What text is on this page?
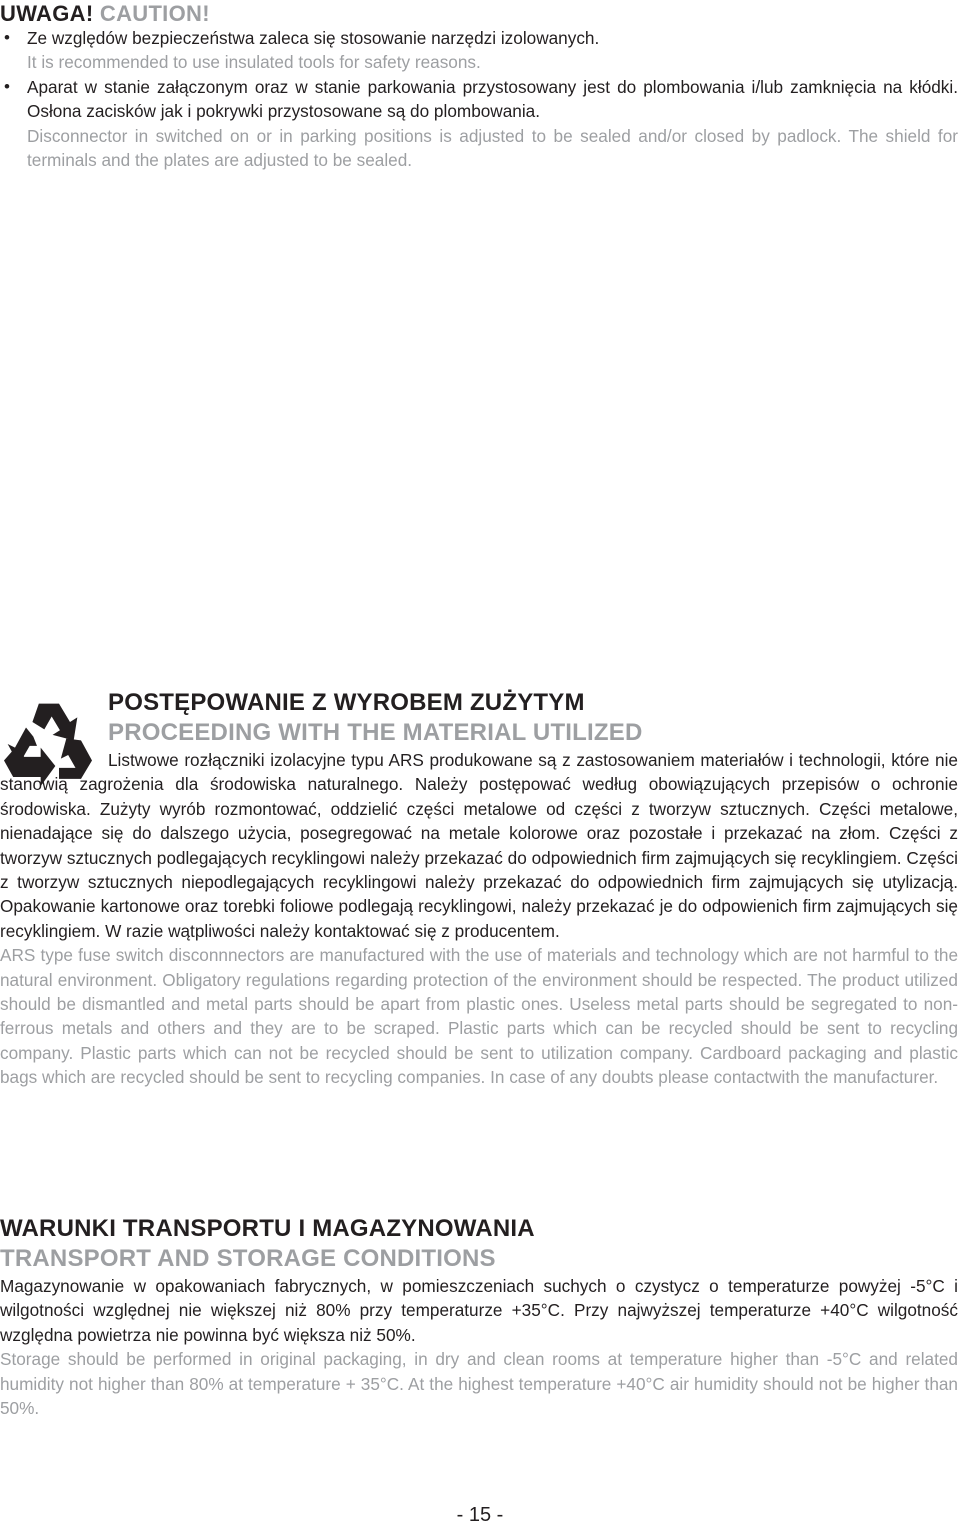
UWAGA! CAUTION!
• Ze względów bezpieczeństwa zaleca się stosowanie narzędzi izolowanych.
It is recommended to use insulated tools for safety reasons.
• Aparat w stanie załączonym oraz w stanie parkowania przystosowany jest do plombowania i/lub zamknięcia na kłódki. Osłona zacisków jak i pokrywki przystosowane są do plombowania.
Disconnector in switched on or in parking positions is adjusted to be sealed and/or closed by padlock. The shield for terminals and the plates are adjusted to be sealed.
POSTĘPOWANIE Z WYROBEM ZUŻYTYM
PROCEEDING WITH THE MATERIAL UTILIZED
Listwowe rozłączniki izolacyjne typu ARS produkowane są z zastosowaniem materiałów i technologii, które nie stanowią zagrożenia dla środowiska naturalnego. Należy postępować według obowiązujących przepisów o ochronie środowiska. Zużyty wyrób rozmontować, oddzielić części metalowe od części z tworzyw sztucznych. Części metalowe, nienadające się do dalszego użycia, posegregować na metale kolorowe oraz pozostałe i przekazać na złom. Części z tworzyw sztucznych podlegających recyklingowi należy przekazać do odpowiednich firm zajmujących się recyklingiem. Części z tworzyw sztucznych niepodlegających recyklingowi należy przekazać do odpowiednich firm zajmujących się utylizacją. Opakowanie kartonowe oraz torebki foliowe podlegają recyklingowi, należy przekazać je do odpowienich firm zajmujących się recyklingiem. W razie wątpliwości należy kontaktować się z producentem.
ARS type fuse switch disconnnectors are manufactured with the use of materials and technology which are not harmful to the natural environment. Obligatory regulations regarding protection of the environment should be respected. The product utilized should be dismantled and metal parts should be apart from plastic ones. Useless metal parts should be segregated to non- ferrous metals and others and they are to be scraped. Plastic parts which can be recycled should be sent to recycling company. Plastic parts which can not be recycled should be sent to utilization company. Cardboard packaging and plastic bags which are recycled should be sent to recycling companies. In case of any doubts please contactwith the manufacturer.
WARUNKI TRANSPORTU I MAGAZYNOWANIA
TRANSPORT AND STORAGE CONDITIONS
Magazynowanie w opakowaniach fabrycznych, w pomieszczeniach suchych o czystycz o temperaturze powyżej -5°C i wilgotności względnej nie większej niż 80% przy temperaturze +35°C. Przy najwyższej temperaturze +40°C wilgotność względna powietrza nie powinna być większa niż 50%.
Storage should be performed in original packaging, in dry and clean rooms at temperature higher than -5°C and related humidity not higher than 80% at temperature + 35°C. At the highest temperature +40°C air humidity should not be higher than 50%.
- 15 -
